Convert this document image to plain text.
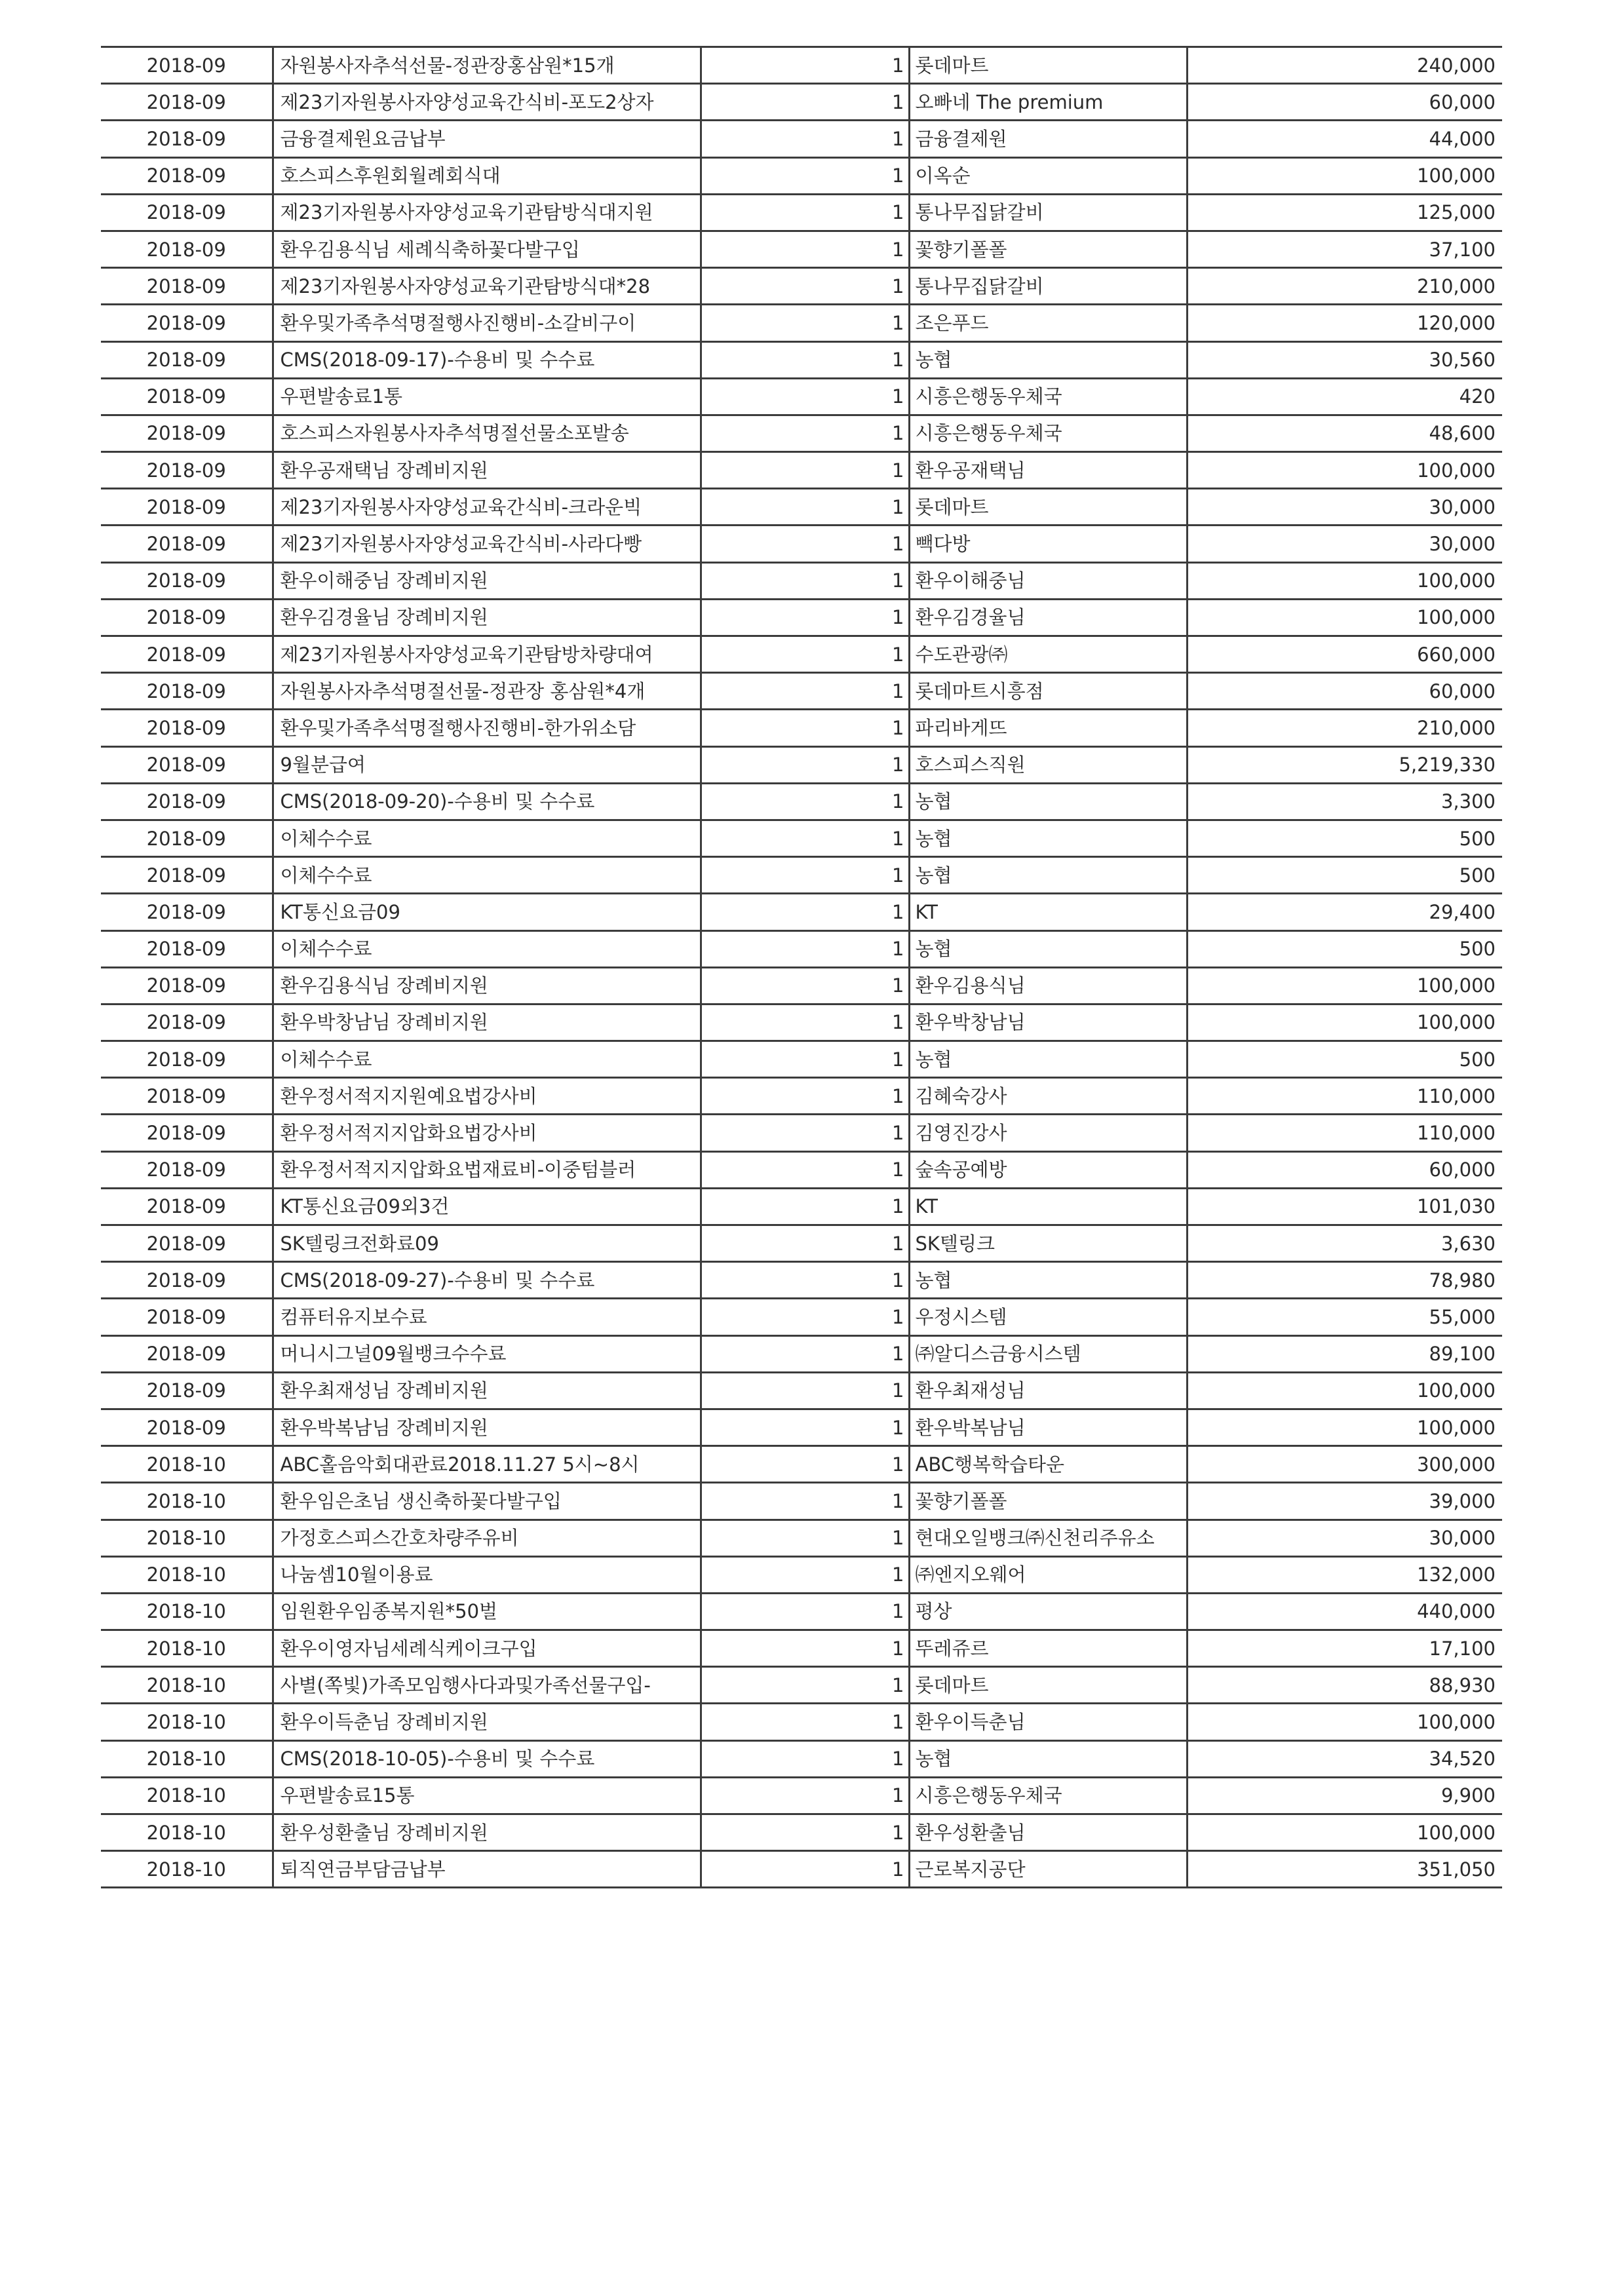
2018-09	자원봉사자추석선물-정관장홍삼원*15개	1	롯데마트	240,000
2018-09	제23기자원봉사자양성교육간식비-포도2상자	1	오빠네 The premium	60,000
2018-09	금융결제원요금납부	1	금융결제원	44,000
2018-09	호스피스후원회월례회식대	1	이옥순	100,000
2018-09	제23기자원봉사자양성교육기관탐방식대지원	1	통나무집닭갈비	125,000
2018-09	환우김용식님 세례식축하꽃다발구입	1	꽃향기폴폴	37,100
2018-09	제23기자원봉사자양성교육기관탐방식대*28	1	통나무집닭갈비	210,000
2018-09	환우및가족추석명절행사진행비-소갈비구이	1	조은푸드	120,000
2018-09	CMS(2018-09-17)-수용비 및 수수료	1	농협	30,560
2018-09	우편발송료1통	1	시흥은행동우체국	420
2018-09	호스피스자원봉사자추석명절선물소포발송	1	시흥은행동우체국	48,600
2018-09	환우공재택님 장례비지원	1	환우공재택님	100,000
2018-09	제23기자원봉사자양성교육간식비-크라운빅	1	롯데마트	30,000
2018-09	제23기자원봉사자양성교육간식비-사라다빵	1	빽다방	30,000
2018-09	환우이해중님 장례비지원	1	환우이해중님	100,000
2018-09	환우김경율님 장례비지원	1	환우김경율님	100,000
2018-09	제23기자원봉사자양성교육기관탐방차량대여	1	수도관광㈜	660,000
2018-09	자원봉사자추석명절선물-정관장 홍삼원*4개	1	롯데마트시흥점	60,000
2018-09	환우및가족추석명절행사진행비-한가위소담	1	파리바게뜨	210,000
2018-09	9월분급여	1	호스피스직원	5,219,330
2018-09	CMS(2018-09-20)-수용비 및 수수료	1	농협	3,300
2018-09	이체수수료	1	농협	500
2018-09	이체수수료	1	농협	500
2018-09	KT통신요금09	1	KT	29,400
2018-09	이체수수료	1	농협	500
2018-09	환우김용식님 장례비지원	1	환우김용식님	100,000
2018-09	환우박창남님 장례비지원	1	환우박창남님	100,000
2018-09	이체수수료	1	농협	500
2018-09	환우정서적지지원예요법강사비	1	김혜숙강사	110,000
2018-09	환우정서적지지압화요법강사비	1	김영진강사	110,000
2018-09	환우정서적지지압화요법재료비-이중텀블러	1	숲속공예방	60,000
2018-09	KT통신요금09외3건	1	KT	101,030
2018-09	SK텔링크전화료09	1	SK텔링크	3,630
2018-09	CMS(2018-09-27)-수용비 및 수수료	1	농협	78,980
2018-09	컴퓨터유지보수료	1	우정시스템	55,000
2018-09	머니시그널09월뱅크수수료	1	㈜알디스금융시스템	89,100
2018-09	환우최재성님 장례비지원	1	환우최재성님	100,000
2018-09	환우박복남님 장례비지원	1	환우박복남님	100,000
2018-10	ABC홀음악회대관료2018.11.27 5시~8시	1	ABC행복학습타운	300,000
2018-10	환우임은초님 생신축하꽃다발구입	1	꽃향기폴폴	39,000
2018-10	가정호스피스간호차량주유비	1	현대오일뱅크㈜신천리주유소	30,000
2018-10	나눔셈10월이용료	1	㈜엔지오웨어	132,000
2018-10	임원환우임종복지원*50벌	1	평상	440,000
2018-10	환우이영자님세례식케이크구입	1	뚜레쥬르	17,100
2018-10	사별(쪽빛)가족모임행사다과및가족선물구입-	1	롯데마트	88,930
2018-10	환우이득춘님 장례비지원	1	환우이득춘님	100,000
2018-10	CMS(2018-10-05)-수용비 및 수수료	1	농협	34,520
2018-10	우편발송료15통	1	시흥은행동우체국	9,900
2018-10	환우성환출님 장례비지원	1	환우성환출님	100,000
2018-10	퇴직연금부담금납부	1	근로복지공단	351,050
